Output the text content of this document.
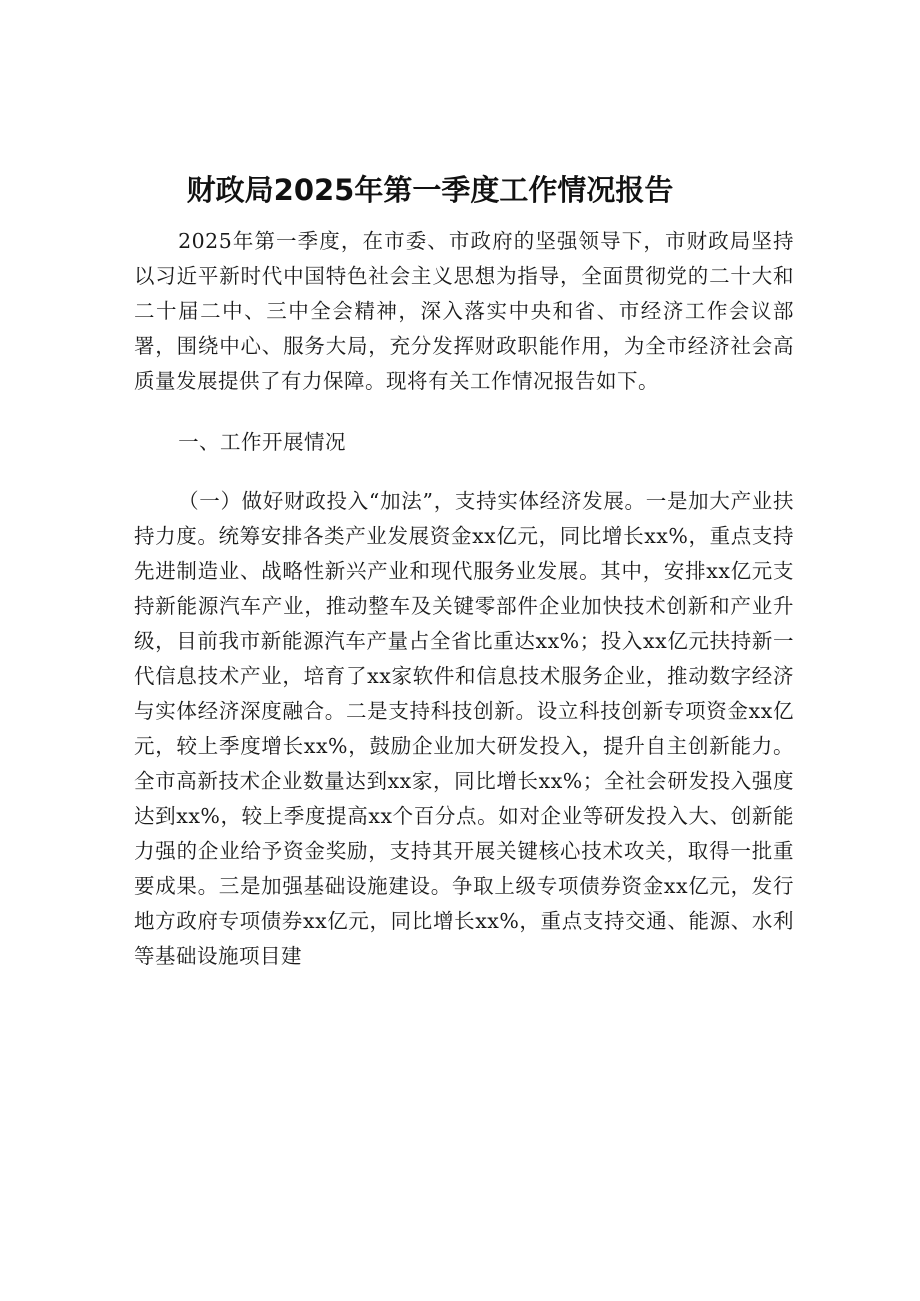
财政局2025年第一季度工作情况报告

2025年第一季度，在市委、市政府的坚强领导下，市财政局坚持以习近平新时代中国特色社会主义思想为指导，全面贯彻党的二十大和二十届二中、三中全会精神，深入落实中央和省、市经济工作会议部署，围绕中心、服务大局，充分发挥财政职能作用，为全市经济社会高质量发展提供了有力保障。现将有关工作情况报告如下。

一、工作开展情况

（一）做好财政投入“加法”，支持实体经济发展。一是加大产业扶持力度。统筹安排各类产业发展资金xx亿元，同比增长xx%，重点支持先进制造业、战略性新兴产业和现代服务业发展。其中，安排xx亿元支持新能源汽车产业，推动整车及关键零部件企业加快技术创新和产业升级，目前我市新能源汽车产量占全省比重达xx%；投入xx亿元扶持新一代信息技术产业，培育了xx家软件和信息技术服务企业，推动数字经济与实体经济深度融合。二是支持科技创新。设立科技创新专项资金xx亿元，较上季度增长xx%，鼓励企业加大研发投入，提升自主创新能力。全市高新技术企业数量达到xx家，同比增长xx%；全社会研发投入强度达到xx%，较上季度提高xx个百分点。如对企业等研发投入大、创新能力强的企业给予资金奖励，支持其开展关键核心技术攻关，取得一批重要成果。三是加强基础设施建设。争取上级专项债券资金xx亿元，发行地方政府专项债券xx亿元，同比增长xx%，重点支持交通、能源、水利等基础设施项目建
